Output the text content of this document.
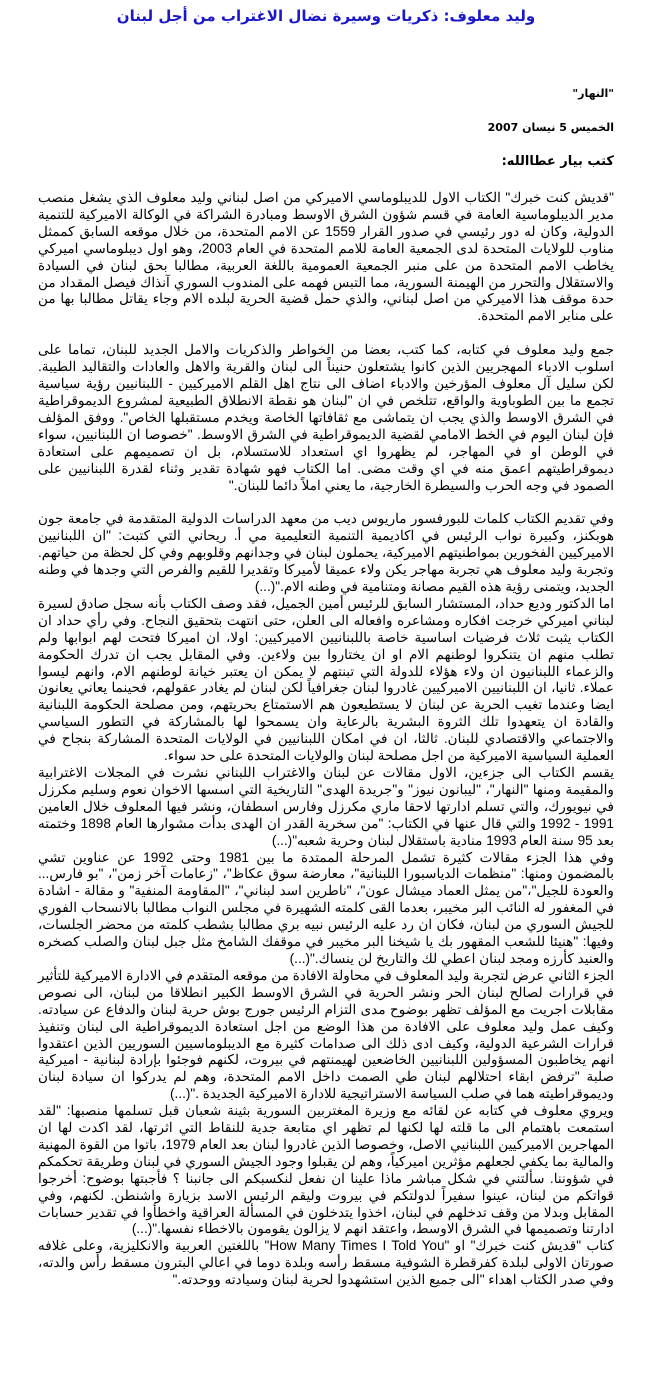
وليد معلوف: ذكريات وسيرة نضال الاغتراب من أجل لبنان
"النهار"
الخميس 5 نيسان 2007
كتب بيار عطاالله:

"قديش كنت خبرك" الكتاب الاول للديبلوماسي الاميركي من اصل لبناني وليد معلوف الذي يشغل منصب مدير الديبلوماسية العامة في قسم شؤون الشرق الاوسط ومبادرة الشراكة في الوكالة الاميركية للتنمية الدولية، وكان له دور رئيسي في صدور القرار 1559 عن الامم المتحدة، من خلال موقعه السابق كممثل مناوب للولايات المتحدة لدى الجمعية العامة للامم المتحدة في العام 2003، وهو اول ديبلوماسي اميركي يخاطب الامم المتحدة من على منبر الجمعية العمومية باللغة العربية، مطالبا بحق لبنان في السيادة والاستقلال والتحرر من الهيمنة السورية، مما التبس فهمه على المندوب السوري آنذاك فيصل المقداد من حدة موقف هذا الاميركي من اصل لبناني، والذي حمل قضية الحرية لبلده الام وجاء يقاتل مطالبا بها من على منابر الامم المتحدة.

جمع وليد معلوف في كتابه، كما كتب، بعضا من الخواطر والذكريات والامل الجديد للبنان، تماما على اسلوب الادباء المهجريين الذين كانوا يشتعلون حنيناً الى لبنان والقرية والاهل والعادات والتقاليد الطيبة. لكن سليل آل معلوف المؤرخين والادباء اضاف الى نتاج اهل القلم الاميركيين - اللبنانيين رؤية سياسية تجمع ما بين الطوباوية والواقع، تتلخص في ان "لبنان هو نقطة الانطلاق الطبيعية لمشروع الديموقراطية في الشرق الاوسط والذي يجب ان يتماشى مع ثقافاتها الخاصة ويخدم مستقبلها الخاص". ووفق المؤلف فإن لبنان اليوم في الخط الامامي لقضية الديموقراطية في الشرق الاوسط. "خصوصا ان اللبنانيين، سواء في الوطن او في المهاجر، لم يظهروا اي استعداد للاستسلام، بل ان تصميمهم على استعادة ديموقراطيتهم اعمق منه في اي وقت مضى. اما الكتاب فهو شهادة تقدير وثناء لقدرة اللبنانيين على الصمود في وجه الحرب والسيطرة الخارجية، ما يعني املاً دائما للبنان."

وفي تقديم الكتاب كلمات للبورفسور ماريوس ديب من معهد الدراسات الدولية المتقدمة في جامعة جون هوبكنز، وكبيرة نواب الرئيس في اكاديمية التنمية التعليمية مي أ. ريحاني التي كتبت: "ان اللبنانيين الاميركيين الفخورين بمواطنيتهم الاميركية، يحملون لبنان في وجدانهم وقلوبهم وفي كل لحظة من حياتهم. وتجربة وليد معلوف هي تجربة مهاجر يكن ولاء عميقا لأميركا وتقديرا للقيم والفرص التي وجدها في وطنه الجديد، ويتمنى رؤية هذه القيم مصانة ومتنامية في وطنه الام."(...)

اما الدكتور وديع حداد، المستشار السابق للرئيس أمين الجميل، فقد وصف الكتاب بأنه سجل صادق لسيرة لبناني اميركي خرجت افكاره ومشاعره وافعاله الى العلن، حتى انتهت بتحقيق النجاح. وفي رأي حداد ان الكتاب يثبت ثلاث فرضيات اساسية خاصة باللبنانيين الاميركيين: اولا، ان اميركا فتحت لهم ابوابها ولم تطلب منهم ان يتنكروا لوطنهم الام او ان يختاروا بين ولاءين. وفي المقابل يجب ان تدرك الحكومة والزعماء اللبنانيون ان ولاء هؤلاء للدولة التي تبنتهم لا يمكن ان يعتبر خيانة لوطنهم الام، وانهم ليسوا عملاء. ثانيا، ان اللبنانيين الاميركيين غادروا لبنان جغرافياً لكن لبنان لم يغادر عقولهم، فحينما يعاني يعانون ايضا وعندما تغيب الحرية عن لبنان لا يستطيعون هم الاستمتاع بحريتهم، ومن مصلحة الحكومة اللبنانية والقادة ان يتعهدوا تلك الثروة البشرية بالرعاية وان يسمحوا لها بالمشاركة في التطور السياسي والاجتماعي والاقتصادي للبنان. ثالثا، ان في امكان اللبنانيين في الولايات المتحدة المشاركة بنجاح في العملية السياسية الاميركية من اجل مصلحة لبنان والولايات المتحدة على حد سواء.

يقسم الكتاب الى جزءين، الاول مقالات عن لبنان والاغتراب اللبناني نشرت في المجلات الاغترابية والمقيمة ومنها "النهار"، "ليبانون نيوز" و"جريدة الهدى" التاريخية التي اسسها الاخوان نعوم وسليم مكرزل في نيويورك، والتي تسلم ادارتها لاحقا ماري مكرزل وفارس اسطفان، ونشر فيها المعلوف خلال العامين 1991 - 1992 والتي قال عنها في الكتاب: "من سخرية القدر ان الهدى بدأت مشوارها العام 1898 وختمته بعد 95 سنة العام 1993 منادية باستقلال لبنان وحرية شعبه"(...)

وفي هذا الجزء مقالات كثيرة تشمل المرحلة الممتدة ما بين 1981 وحتى 1992 عن عناوين تشي بالمضمون ومنها: "منظمات الدياسبورا اللبنانية"، معارضة سوق عكاظ"، "زعامات آخر زمن"، "بو فارس... والعودة للجيل"،"من يمثل العماد ميشال عون"، "ناطرين اسد لبناني"، "المقاومة المنفية" و مقالة - اشادة في المغفور له النائب البر مخيبر، بعدما القى كلمته الشهيرة في مجلس النواب مطالبا بالانسحاب الفوري للجيش السوري من لبنان، فكان ان رد عليه الرئيس نبيه بري مطالبا بشطب كلمته من محضر الجلسات، وفيها: "هنيئا للشعب المقهور بك يا شيخنا البر مخيبر في موقفك الشامخ مثل جبل لبنان والصلب كصخره والعنيد كأرزه ومجد لبنان اعطي لك والتاريخ لن ينساك."(...)

الجزء الثاني عرض لتجربة وليد المعلوف في محاولة الافادة من موقعه المتقدم في الادارة الاميركية للتأثير في قرارات لصالح لبنان الحر ونشر الحرية في الشرق الاوسط الكبير انطلاقا من لبنان، الى نصوص مقابلات اجريت مع المؤلف تظهر بوضوح مدى التزام الرئيس جورج بوش حرية لبنان والدفاع عن سيادته. وكيف عمل وليد معلوف على الافادة من هذا الوضع من اجل استعادة الديموقراطية الى لبنان وتنفيذ قرارات الشرعية الدولية، وكيف ادى ذلك الى صدامات كثيرة مع الديبلوماسيين السوريين الذين اعتقدوا انهم يخاطبون المسؤولين اللبنانيين الخاضعين لهيمنتهم في بيروت، لكنهم فوجئوا بإرادة لبنانية - اميركية صلبة "ترفض ابقاء احتلالهم لبنان طي الصمت داخل الامم المتحدة، وهم لم يدركوا ان سيادة لبنان وديموقراطيته هما في صلب السياسة الاستراتيجية للادارة الاميركية الجديدة ."(...)

ويروي معلوف في كتابه عن لقائه مع وزيرة المغتربين السورية بثينة شعبان قبل تسلمها منصبها: "لقد استمعت باهتمام الى ما قلته لها لكنها لم تظهر اي متابعة جدية للنقاط التي اثرتها، لقد اكدت لها ان المهاجرين الاميركيين اللبنانيي الاصل، وخصوصا الذين غادروا لبنان بعد العام 1979، باتوا من القوة المهنية والمالية بما يكفي لجعلهم مؤثرين اميركياً، وهم لن يقبلوا وجود الجيش السوري في لبنان وطريقة تحكمكم في شؤوننا. سألتني في شكل مباشر ماذا علينا ان نفعل لنكسبكم الى جانبنا ؟ فأجبتها بوضوح: أخرجوا قواتكم من لبنان، عينوا سفيراً لدولتكم في بيروت وليقم الرئيس الاسد بزيارة واشنطن. لكنهم، وفي المقابل وبدلا من وقف تدخلهم في لبنان، اخذوا يتدخلون في المسألة العراقية واخطأوا في تقدير حسابات ادارتنا وتصميمها في الشرق الاوسط، واعتقد انهم لا يزالون يقومون بالاخطاء نفسها."(...)

كتاب "قديش كنت خبرك" او "How Many Times I Told You" باللغتين العربية والانكليزية، وعلى غلافه صورتان الاولى لبلدة كفرقطرة الشوفية مسقط رأسه وبلدة دوما في اعالي البترون مسقط رأس والدته، وفي صدر الكتاب اهداء "الى جميع الذين استشهدوا لحرية لبنان وسيادته ووحدته."
